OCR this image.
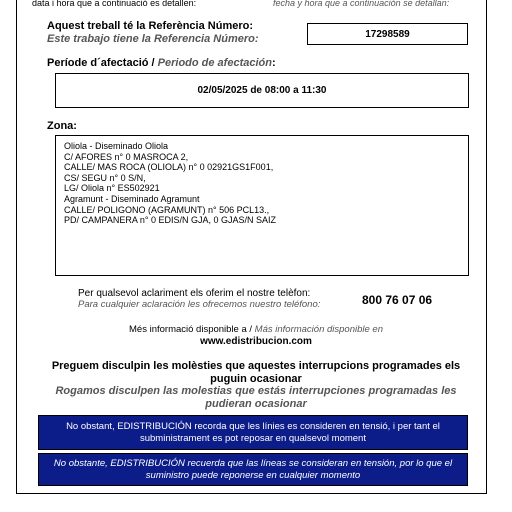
data i hora que a continuació es detallen:	fecha y hora que a continuación se detallan:
Aquest treball té la Referència Número:
Este trabajo tiene la Referencia Número:	17298589
Període d´afectació / Periodo de afectación:
02/05/2025 de 08:00 a 11:30
Zona:
Oliola - Diseminado Oliola
C/ AFORES n° 0 MASROCA 2,
CALLE/ MAS ROCA (OLIOLA) n° 0 02921GS1F001,
CS/ SEGU n° 0 S/N,
LG/ Oliola n° ES502921
Agramunt - Diseminado Agramunt
CALLE/ POLIGONO (AGRAMUNT) n° 506 PCL13.,
PD/ CAMPANERA n° 0 EDIS/N GJA, 0 GJAS/N SAIZ
Per qualsevol aclariment els oferim el nostre telèfon:
Para cualquier aclaración les ofrecemos nuestro teléfono:	800 76 07 06
Més informació disponible a / Más información disponible en
www.edistribucion.com
Preguem disculpin les molèsties que aquestes interrupcions programades els puguin ocasionar
Rogamos disculpen las molestias que estás interrupciones programadas les pudieran ocasionar
No obstant, EDISTRIBUCIÓN recorda que les línies es consideren en tensió, i per tant el subministrament es pot reposar en qualsevol moment
No obstante, EDISTRIBUCIÓN recuerda que las líneas se consideran en tensión, por lo que el suministro puede reponerse en cualquier momento
